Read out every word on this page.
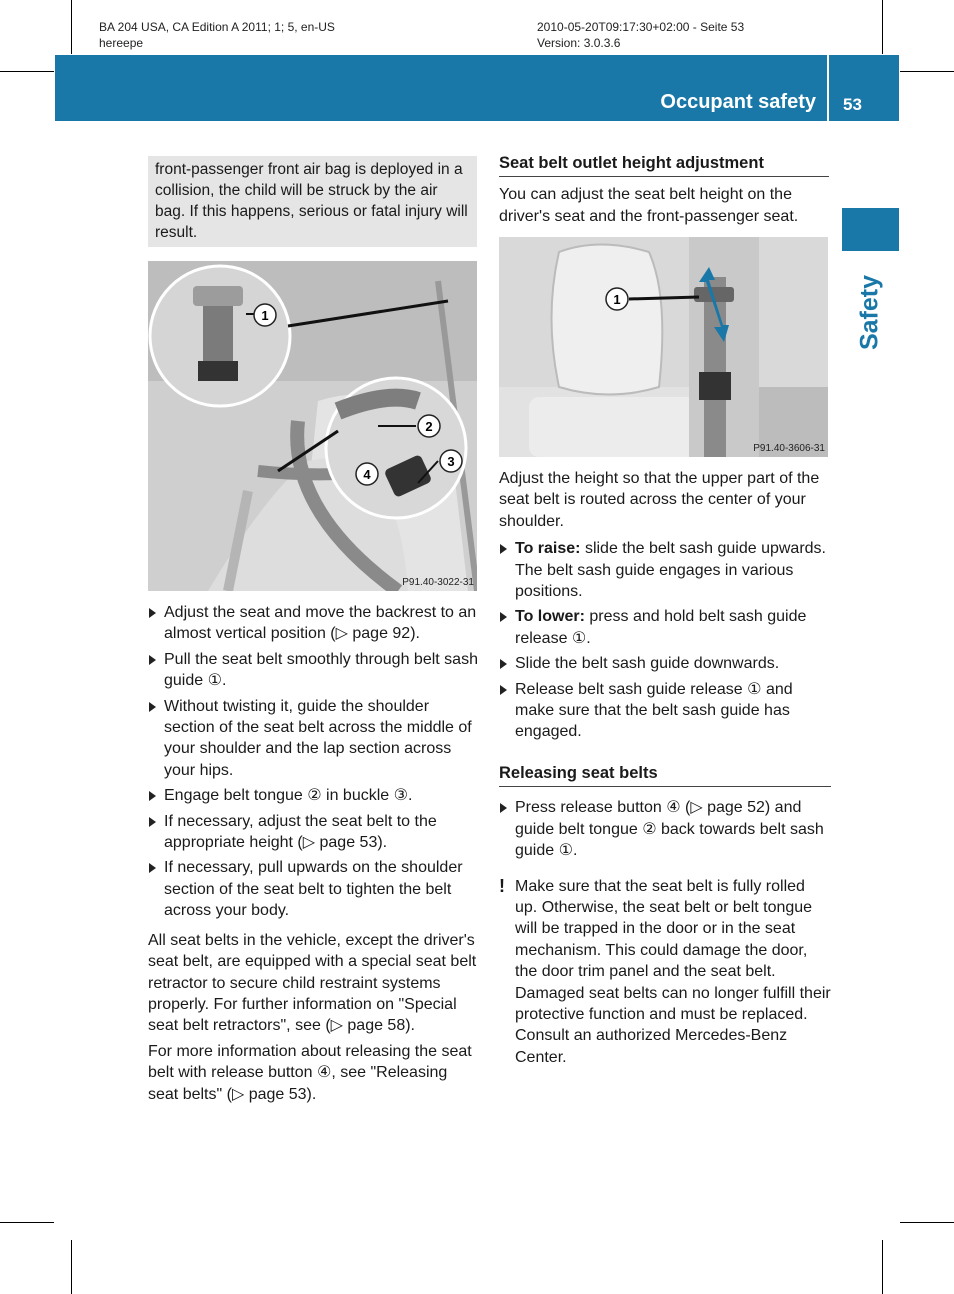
BA 204 USA, CA Edition A 2011; 1; 5, en-US
hereepe
2010-05-20T09:17:30+02:00 - Seite 53
Version: 3.0.3.6
Occupant safety 53
Safety
front-passenger front air bag is deployed in a collision, the child will be struck by the air bag. If this happens, serious or fatal injury will result.
1
2
3
4
P91.40-3022-31
Adjust the seat and move the backrest to an almost vertical position (▷ page 92).
Pull the seat belt smoothly through belt sash guide ①.
Without twisting it, guide the shoulder section of the seat belt across the middle of your shoulder and the lap section across your hips.
Engage belt tongue ② in buckle ③.
If necessary, adjust the seat belt to the appropriate height (▷ page 53).
If necessary, pull upwards on the shoulder section of the seat belt to tighten the belt across your body.

All seat belts in the vehicle, except the driver's seat belt, are equipped with a special seat belt retractor to secure child restraint systems properly. For further information on "Special seat belt retractors", see (▷ page 58).

For more information about releasing the seat belt with release button ④, see "Releasing seat belts" (▷ page 53).

Seat belt outlet height adjustment

You can adjust the seat belt height on the driver's seat and the front-passenger seat.

1
P91.40-3606-31

Adjust the height so that the upper part of the seat belt is routed across the center of your shoulder.

To raise: slide the belt sash guide upwards. The belt sash guide engages in various positions.
To lower: press and hold belt sash guide release ①.
Slide the belt sash guide downwards.
Release belt sash guide release ① and make sure that the belt sash guide has engaged.
Releasing seat belts
Press release button ④ (▷ page 52) and guide belt tongue ② back towards belt sash guide ①.
! Make sure that the seat belt is fully rolled up. Otherwise, the seat belt or belt tongue will be trapped in the door or in the seat mechanism. This could damage the door, the door trim panel and the seat belt. Damaged seat belts can no longer fulfill their protective function and must be replaced. Consult an authorized Mercedes-Benz Center.
